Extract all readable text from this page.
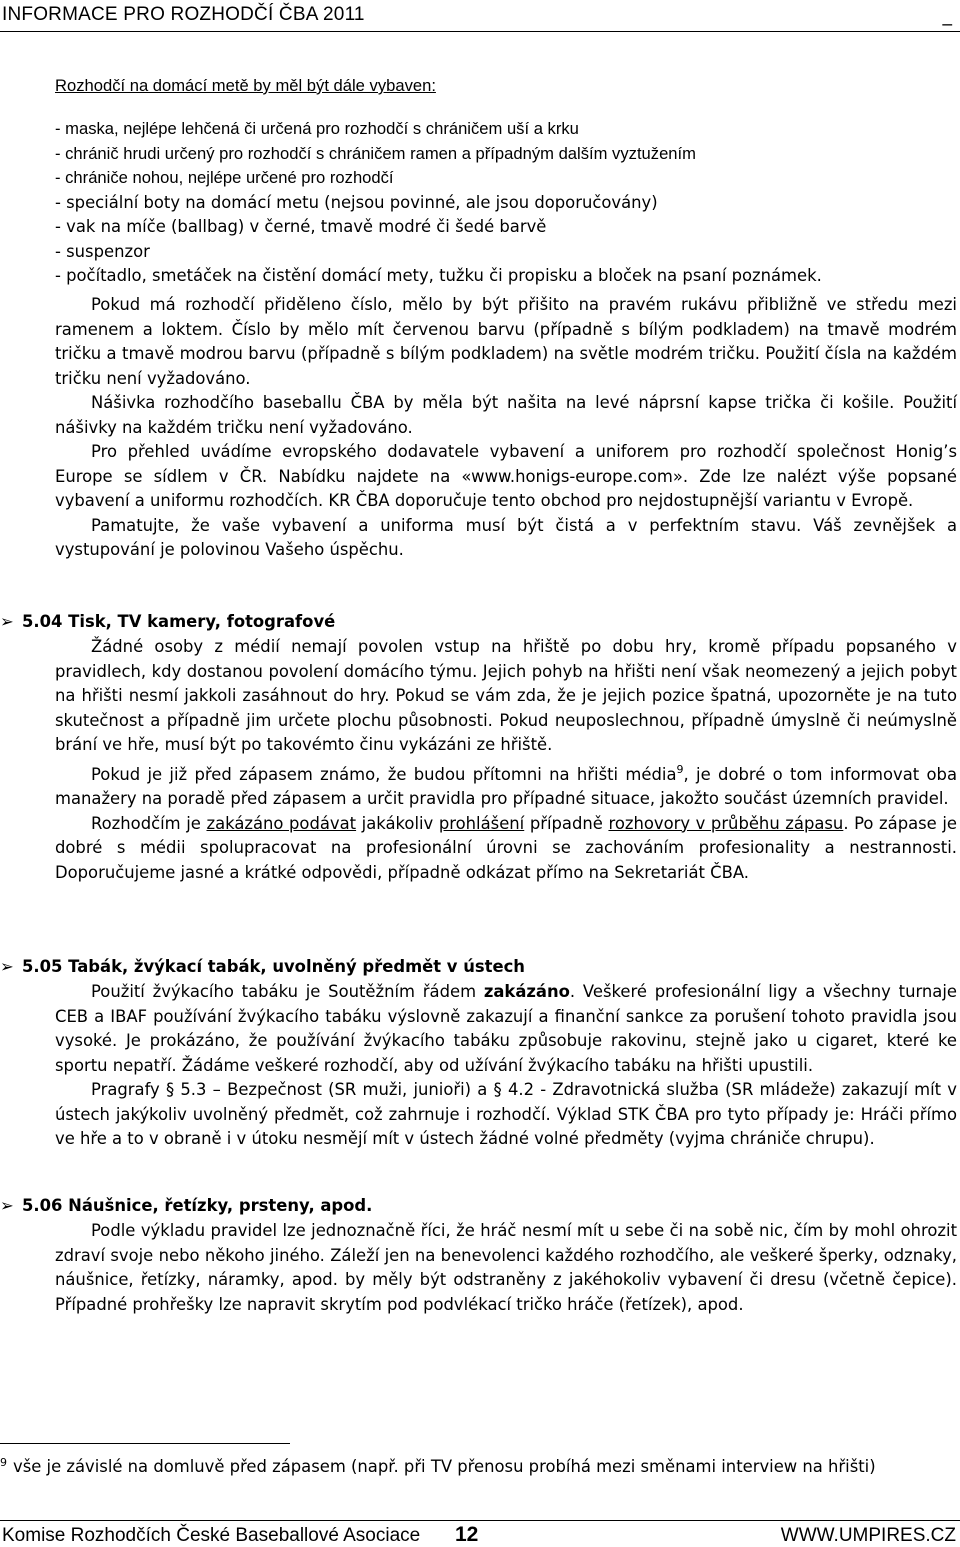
INFORMACE PRO ROZHODČÍ ČBA 2011	_
Rozhodčí na domácí metě by měl být dále vybaven:
- maska, nejlépe lehčená či určená pro rozhodčí s chráničem uší a krku
- chránič hrudi určený pro rozhodčí s chráničem ramen a případným dalším vyztužením
- chrániče nohou, nejlépe určené pro rozhodčí
- speciální boty na domácí metu (nejsou povinné, ale jsou doporučovány)
- vak na míče (ballbag) v černé, tmavě modré či šedé barvě
- suspenzor
- počítadlo, smetáček na čistění domácí mety, tužku či propisku a bloček na psaní poznámek.
Pokud má rozhodčí přiděleno číslo, mělo by být přišito na pravém rukávu přibližně ve středu mezi ramenem a loktem. Číslo by mělo mít červenou barvu (případně s bílým podkladem) na tmavě modrém tričku a tmavě modrou barvu (případně s bílým podkladem) na světle modrém tričku. Použití čísla na každém tričku není vyžadováno.
Nášivka rozhodčího baseballu ČBA by měla být našita na levé náprsní kapse trička či košile. Použití nášivky na každém tričku není vyžadováno.
Pro přehled uvádíme evropského dodavatele vybavení a uniforem pro rozhodčí společnost Honig’s Europe se sídlem v ČR. Nabídku najdete na «www.honigs-europe.com». Zde lze nalézt výše popsané vybavení a uniformu rozhodčích. KR ČBA doporučuje tento obchod pro nejdostupnější variantu v Evropě.
Pamatujte, že vaše vybavení a uniforma musí být čistá a v perfektním stavu. Váš zevnějšek a vystupování je polovinou Vašeho úspěchu.
➢ 5.04 Tisk, TV kamery, fotografové
Žádné osoby z médií nemají povolen vstup na hřiště po dobu hry, kromě případu popsaného v pravidlech, kdy dostanou povolení domácího týmu. Jejich pohyb na hřišti není však neomezený a jejich pobyt na hřišti nesmí jakkoli zasáhnout do hry. Pokud se vám zda, že je jejich pozice špatná, upozorněte je na tuto skutečnost a případně jim určete plochu působnosti. Pokud neuposlechnou, případně úmyslně či neúmyslně brání ve hře, musí být po takovémto činu vykázáni ze hřiště.
Pokud je již před zápasem známo, že budou přítomni na hřišti média$^9$, je dobré o tom informovat oba manažery na poradě před zápasem a určit pravidla pro případné situace, jakožto součást územních pravidel.
Rozhodčím je zakázáno podávat jakákoliv prohlášení případně rozhovory v průběhu zápasu. Po zápase je dobré s médii spolupracovat na profesionální úrovni se zachováním profesionality a nestrannosti. Doporučujeme jasné a krátké odpovědi, případně odkázat přímo na Sekretariát ČBA.
➢ 5.05 Tabák, žvýkací tabák, uvolněný předmět v ústech
Použití žvýkacího tabáku je Soutěžním řádem zakázáno. Veškeré profesionální ligy a všechny turnaje CEB a IBAF používání žvýkacího tabáku výslovně zakazují a finanční sankce za porušení tohoto pravidla jsou vysoké. Je prokázáno, že používání žvýkacího tabáku způsobuje rakovinu, stejně jako u cigaret, které ke sportu nepatří. Žádáme veškeré rozhodčí, aby od užívání žvýkacího tabáku na hřišti upustili.
Pragrafy § 5.3 – Bezpečnost (SR muži, junioři) a § 4.2 - Zdravotnická služba (SR mládeže) zakazují mít v ústech jakýkoliv uvolněný předmět, což zahrnuje i rozhodčí. Výklad STK ČBA pro tyto případy je: Hráči přímo ve hře a to v obraně i v útoku nesmějí mít v ústech žádné volné předměty (vyjma chrániče chrupu).
➢ 5.06 Náušnice, řetízky, prsteny, apod.
Podle výkladu pravidel lze jednoznačně říci, že hráč nesmí mít u sebe či na sobě nic, čím by mohl ohrozit zdraví svoje nebo někoho jiného. Záleží jen na benevolenci každého rozhodčího, ale veškeré šperky, odznaky, náušnice, řetízky, náramky, apod. by měly být odstraněny z jakéhokoliv vybavení či dresu (včetně čepice). Případné prohřešky lze napravit skrytím pod podvlékací tričko hráče (řetízek), apod.
$^9$ vše je závislé na domluvě před zápasem (např. při TV přenosu probíhá mezi směnami interview na hřišti)
Komise Rozhodčích České Baseballové Asociace 12	WWW.UMPIRES.CZ
